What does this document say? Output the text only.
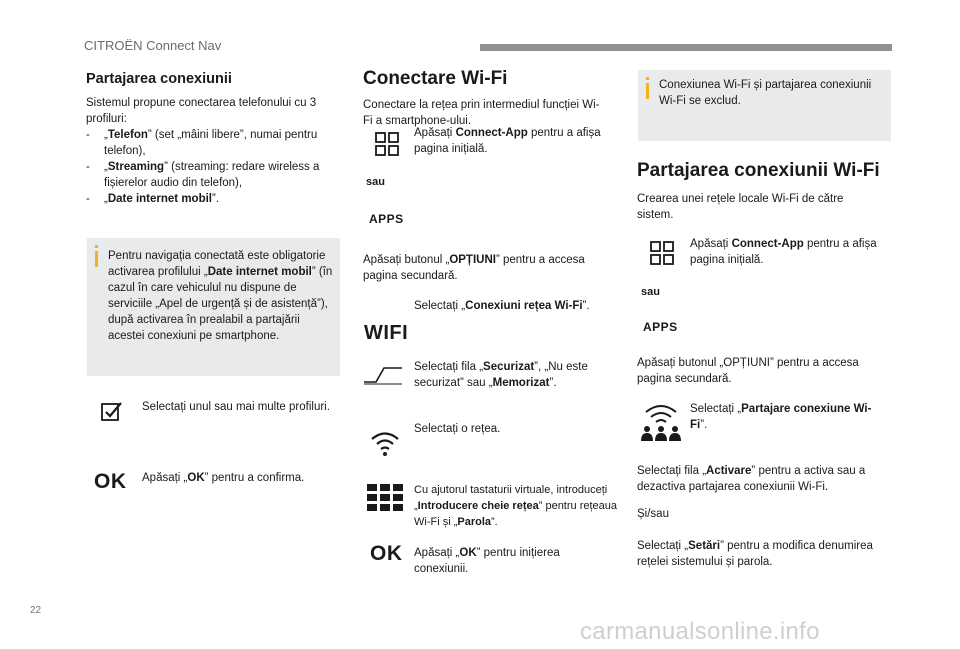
CITROËN Connect Nav
Partajarea conexiunii
Sistemul propune conectarea telefonului cu 3 profiluri:
- „Telefon” (set „mâini libere”, numai pentru telefon),
- „Streaming” (streaming: redare wireless a fișierelor audio din telefon),
- „Date internet mobil”.
Pentru navigația conectată este obligatorie activarea profilului „Date internet mobil” (în cazul în care vehiculul nu dispune de serviciile „Apel de urgență și de asistență”), după activarea în prealabil a partajării acestei conexiuni pe smartphone.
Selectați unul sau mai multe profiluri.
OK Apăsați „OK” pentru a confirma.
Conectare Wi-Fi
Conectare la rețea prin intermediul funcției Wi-Fi a smartphone-ului.
Apăsați Connect-App pentru a afișa pagina inițială.
sau
APPS
Apăsați butonul „OPȚIUNI” pentru a accesa pagina secundară.
WIFI
Selectați „Conexiuni rețea Wi-Fi”.
Selectați fila „Securizat”, „Nu este securizat” sau „Memorizat”.
Selectați o rețea.
Cu ajutorul tastaturii virtuale, introduceți „Introducere cheie rețea” pentru rețeaua Wi-Fi și „Parola”.
OK Apăsați „OK” pentru inițierea conexiunii.
Conexiunea Wi-Fi și partajarea conexiunii Wi-Fi se exclud.
Partajarea conexiunii Wi-Fi
Crearea unei rețele locale Wi-Fi de către sistem.
Apăsați Connect-App pentru a afișa pagina inițială.
sau
APPS
Apăsați butonul „OPȚIUNI” pentru a accesa pagina secundară.
Selectați „Partajare conexiune Wi-Fi”.
Selectați fila „Activare” pentru a activa sau a dezactiva partajarea conexiunii Wi-Fi.
Și/sau
Selectați „Setări” pentru a modifica denumirea rețelei sistemului și parola.
22
carmanualsonline.info
